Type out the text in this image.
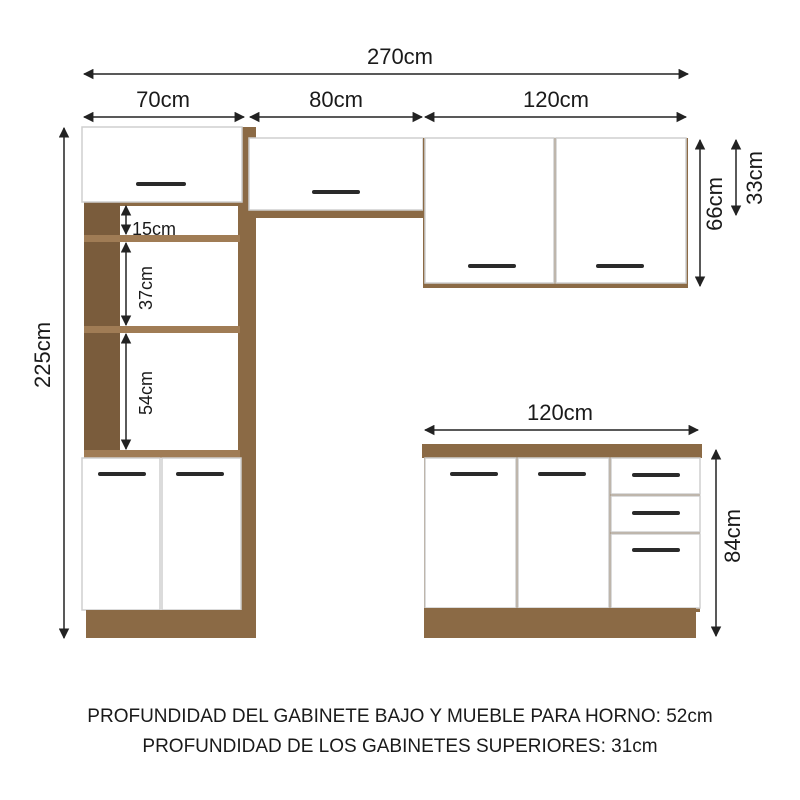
270cm
70cm	80cm	120cm
120cm
225cm
66cm 33cm
84cm
15cm
37cm
54cm
PROFUNDIDAD DEL GABINETE BAJO Y MUEBLE PARA HORNO: 52cm
PROFUNDIDAD DE LOS GABINETES SUPERIORES: 31cm
